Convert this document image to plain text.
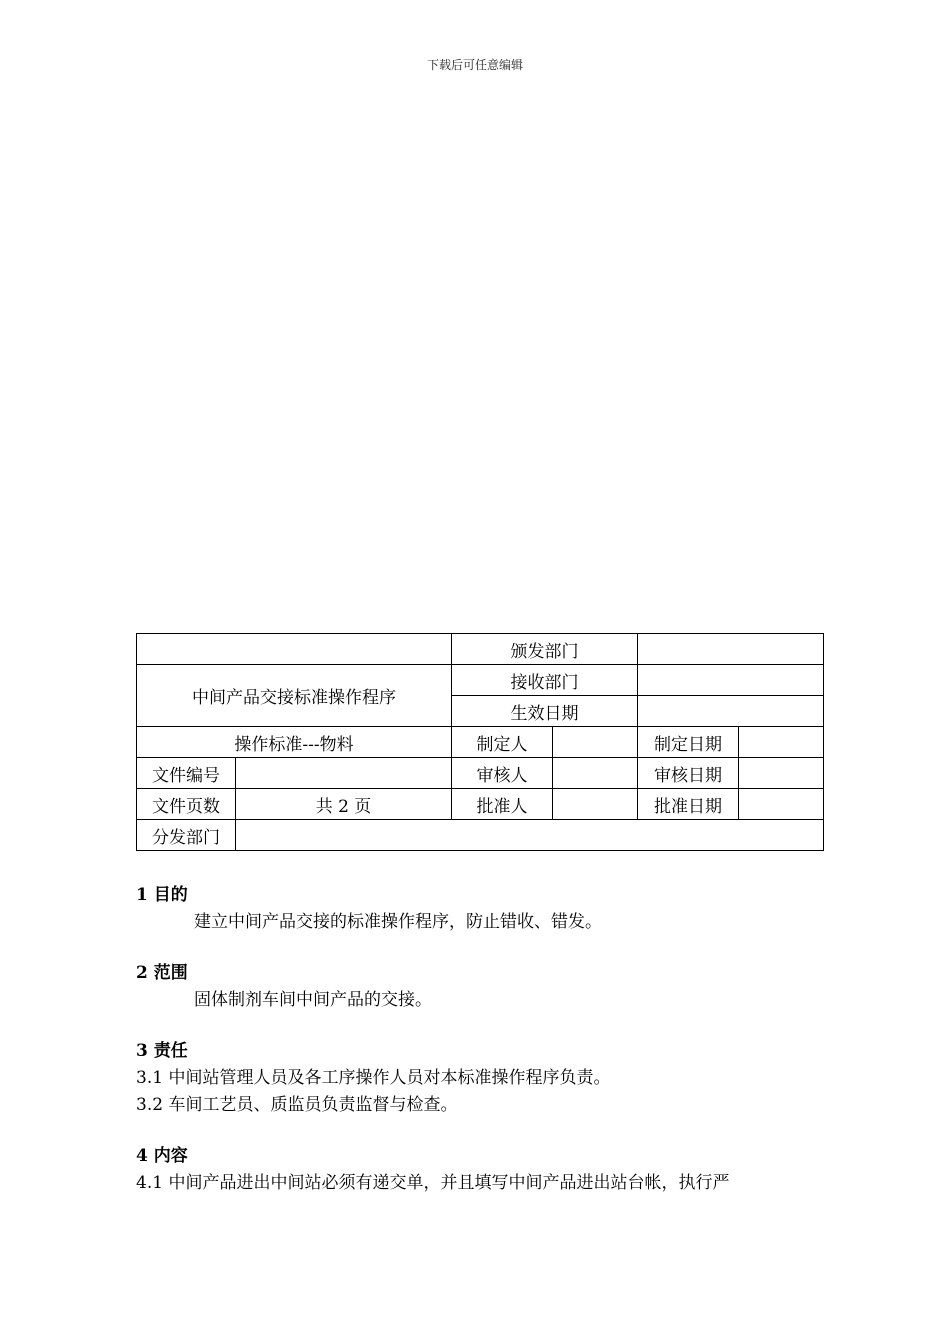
下载后可任意编辑
		颁发部门			
中间产品交接标准操作程序		接收部门			
		生效日期			
操作标准---物料		制定人		制定日期	
文件编号		审核人		审核日期	
文件页数	共 2 页	批准人		批准日期	
分发部门					

1 目的

建立中间产品交接的标准操作程序，防止错收、错发。

2 范围

固体制剂车间中间产品的交接。

3 责任

3.1 中间站管理人员及各工序操作人员对本标准操作程序负责。

3.2 车间工艺员、质监员负责监督与检查。

4 内容

4.1 中间产品进出中间站必须有递交单，并且填写中间产品进出站台帐，执行严
